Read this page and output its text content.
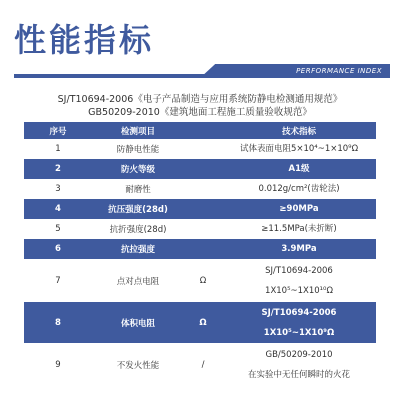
性能指标
PERFORMANCE INDEX
SJ/T10694-2006《电子产品制造与应用系统防静电检测通用规范》
GB50209-2010《建筑地面工程施工质量验收规范》
序号	检测项目		技术指标
1	防静电性能		试体表面电阻5×10⁴~1×10⁹Ω

2	防火等级		A1级

3	耐磨性		0.012g/cm²(齿轮法)

4	抗压强度(28d)		≥90MPa

5	抗折强度(28d)		≥11.5MPa(未折断)

6	抗拉强度		3.9MPa

7	点对点电阻	Ω	SJ/T10694-2006
1X10⁵~1X10¹⁰Ω

8	体积电阻	Ω	SJ/T10694-2006
1X10⁵~1X10⁹Ω

9	不发火性能	/	GB/50209-2010
在实验中无任何瞬时的火花
